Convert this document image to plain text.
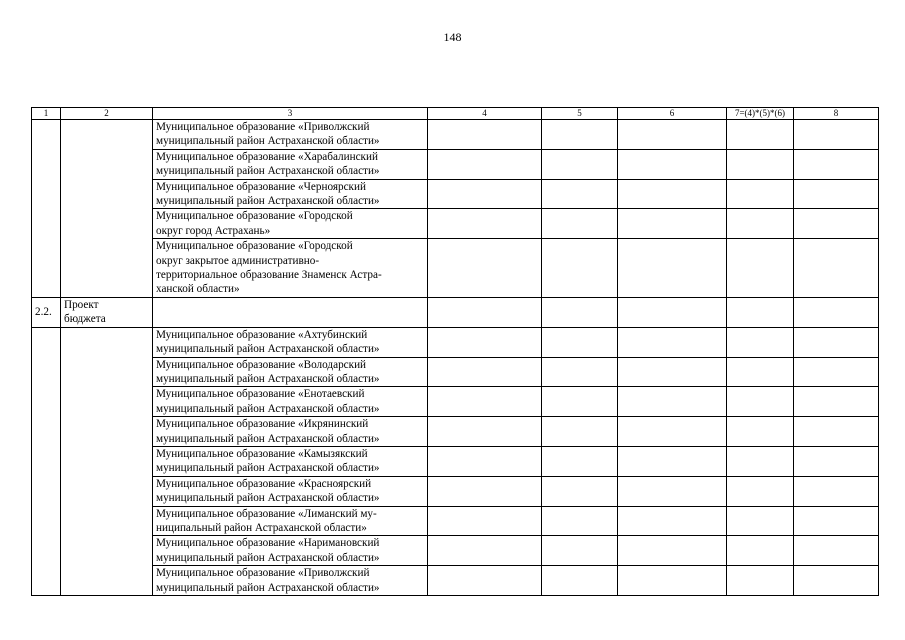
148
1	2	3	4	5	6	7=(4)*(5)*(6)	8

		Муниципальное образование «Приволжский
муниципальный район Астраханской области»					

		Муниципальное образование «Харабалинский
муниципальный район Астраханской области»					

		Муниципальное образование «Черноярский
муниципальный район Астраханской области»					

		Муниципальное образование «Городской
округ город Астрахань»					

		Муниципальное образование «Городской
округ закрытое административно-
территориальное образование Знаменск Астра-
ханской области»					

2.2.	Проект
бюджета						

		Муниципальное образование «Ахтубинский
муниципальный район Астраханской области»					

		Муниципальное образование «Володарский
муниципальный район Астраханской области»					

		Муниципальное образование «Енотаевский
муниципальный район Астраханской области»					

		Муниципальное образование «Икрянинский
муниципальный район Астраханской области»					

		Муниципальное образование «Камызякский
муниципальный район Астраханской области»					

		Муниципальное образование «Красноярский
муниципальный район Астраханской области»					

		Муниципальное образование «Лиманский му-
ниципальный район Астраханской области»					

		Муниципальное образование «Наримановский
муниципальный район Астраханской области»					

		Муниципальное образование «Приволжский
муниципальный район Астраханской области»					
